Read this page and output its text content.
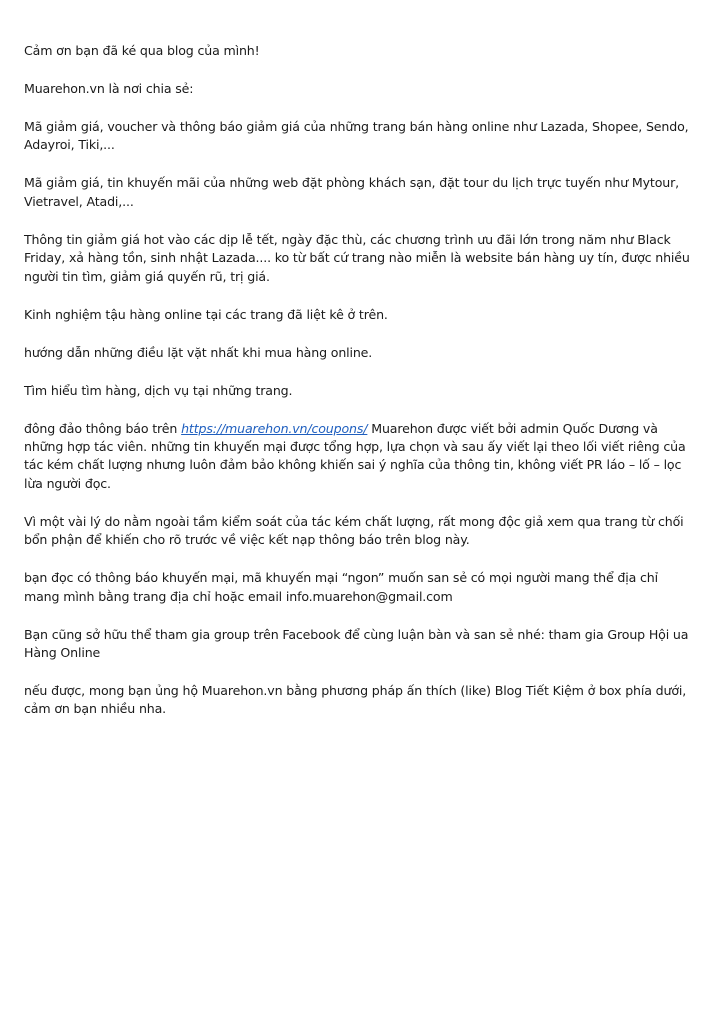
Cảm ơn bạn đã ké qua blog của mình!

Muarehon.vn là nơi chia sẻ:

Mã giảm giá, voucher và thông báo giảm giá của những trang bán hàng online như Lazada, Shopee, Sendo, Adayroi, Tiki,...

Mã giảm giá, tin khuyến mãi của những web đặt phòng khách sạn, đặt tour du lịch trực tuyến như Mytour, Vietravel, Atadi,...

Thông tin giảm giá hot vào các dịp lễ tết, ngày đặc thù, các chương trình ưu đãi lớn trong năm như Black Friday, xả hàng tồn, sinh nhật Lazada.... ko từ bất cứ trang nào miễn là website bán hàng uy tín, được nhiều người tin tìm, giảm giá quyến rũ, trị giá.

Kinh nghiệm tậu hàng online tại các trang đã liệt kê ở trên.

hướng dẫn những điều lặt vặt nhất khi mua hàng online.

Tìm hiểu tìm hàng, dịch vụ tại những trang.

đông đảo thông báo trên https://muarehon.vn/coupons/ Muarehon được viết bởi admin Quốc Dương và những hợp tác viên. những tin khuyến mại được tổng hợp, lựa chọn và sau ấy viết lại theo lối viết riêng của tác kém chất lượng nhưng luôn đảm bảo không khiến sai ý nghĩa của thông tin, không viết PR láo – lố – lọc lừa người đọc.

Vì một vài lý do nằm ngoài tầm kiểm soát của tác kém chất lượng, rất mong độc giả xem qua trang từ chối bổn phận để khiến cho rõ trước về việc kết nạp thông báo trên blog này.

bạn đọc có thông báo khuyến mại, mã khuyến mại “ngon” muốn san sẻ có mọi người mang thể địa chỉ mang mình bằng trang địa chỉ hoặc email info.muarehon@gmail.com

Bạn cũng sở hữu thể tham gia group trên Facebook để cùng luận bàn và san sẻ nhé: tham gia Group Hội ua Hàng Online

nếu được, mong bạn ủng hộ Muarehon.vn bằng phương pháp ấn thích (like) Blog Tiết Kiệm ở box phía dưới, cảm ơn bạn nhiều nha.
